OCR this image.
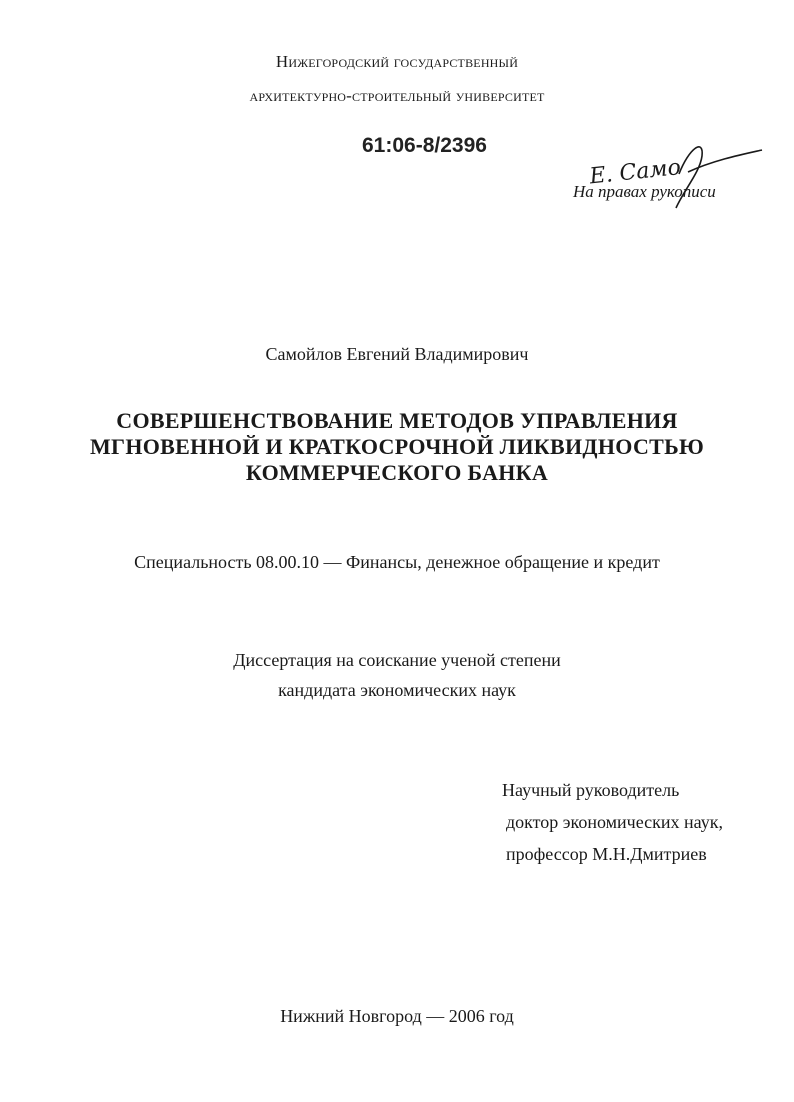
Нижегородский государственный
архитектурно-строительный университет
61:06-8/2396
Е. Само
На правах рукописи
Самойлов Евгений Владимирович
СОВЕРШЕНСТВОВАНИЕ МЕТОДОВ УПРАВЛЕНИЯ
МГНОВЕННОЙ И КРАТКОСРОЧНОЙ ЛИКВИДНОСТЬЮ
КОММЕРЧЕСКОГО БАНКА
Специальность 08.00.10 — Финансы, денежное обращение и кредит
Диссертация на соискание ученой степени
кандидата экономических наук
Научный руководитель
доктор экономических наук,
профессор М.Н.Дмитриев
Нижний Новгород — 2006 год
